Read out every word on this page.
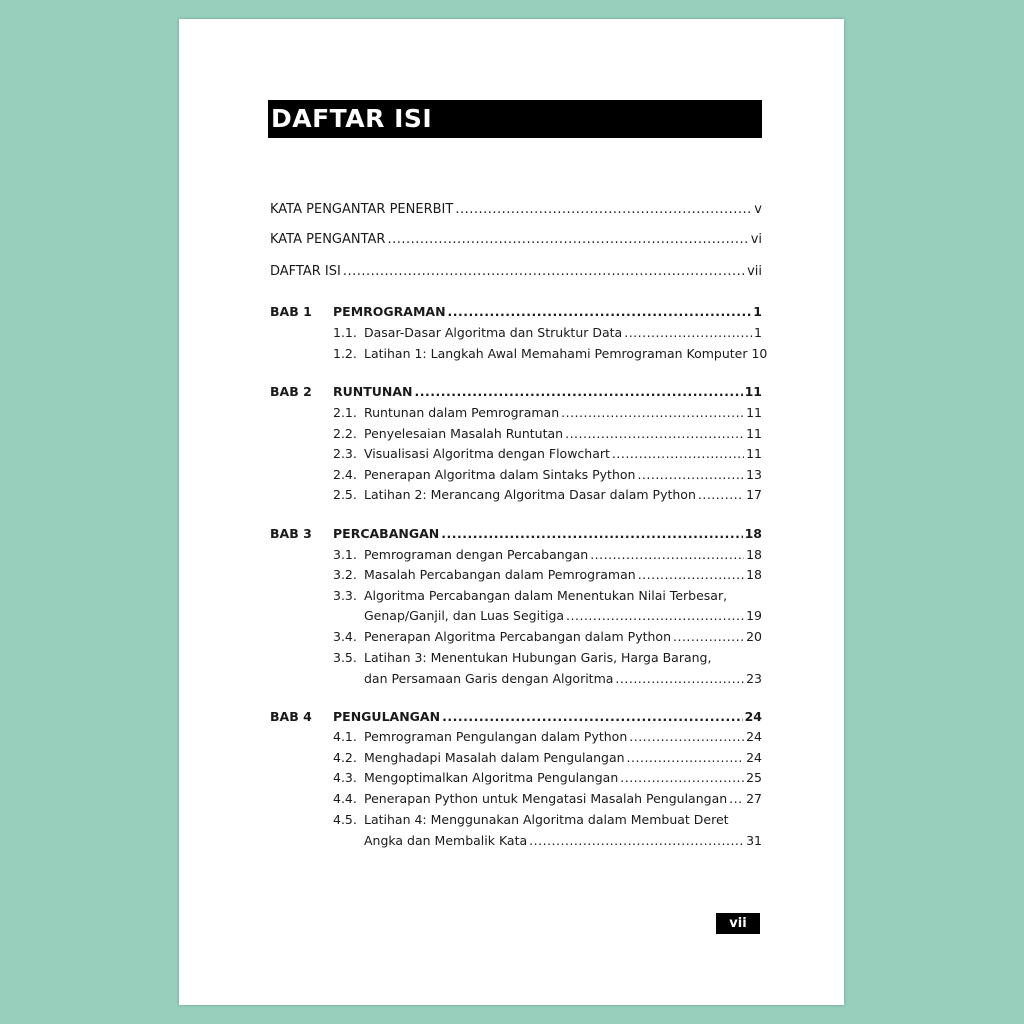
DAFTAR ISI
KATA PENGANTAR PENERBIT .....	v
KATA PENGANTAR .....	vi
DAFTAR ISI .....	vii
BAB 1	PEMROGRAMAN .....	1
1.1. Dasar-Dasar Algoritma dan Struktur Data .....	1
1.2. Latihan 1: Langkah Awal Memahami Pemrograman Komputer 10
BAB 2	RUNTUNAN .....	11
2.1. Runtunan dalam Pemrograman .....	11
2.2. Penyelesaian Masalah Runtutan .....	11
2.3. Visualisasi Algoritma dengan Flowchart .....	11
2.4. Penerapan Algoritma dalam Sintaks Python .....	13
2.5. Latihan 2: Merancang Algoritma Dasar dalam Python .....	17
BAB 3	PERCABANGAN .....	18
3.1. Pemrograman dengan Percabangan .....	18
3.2. Masalah Percabangan dalam Pemrograman .....	18
3.3. Algoritma Percabangan dalam Menentukan Nilai Terbesar,
Genap/Ganjil, dan Luas Segitiga .....	19
3.4. Penerapan Algoritma Percabangan dalam Python .....	20
3.5. Latihan 3: Menentukan Hubungan Garis, Harga Barang,
dan Persamaan Garis dengan Algoritma .....	23
BAB 4	PENGULANGAN .....	24
4.1. Pemrograman Pengulangan dalam Python .....	24
4.2. Menghadapi Masalah dalam Pengulangan .....	24
4.3. Mengoptimalkan Algoritma Pengulangan .....	25
4.4. Penerapan Python untuk Mengatasi Masalah Pengulangan ..... 27
4.5. Latihan 4: Menggunakan Algoritma dalam Membuat Deret
Angka dan Membalik Kata .....	31
vii
